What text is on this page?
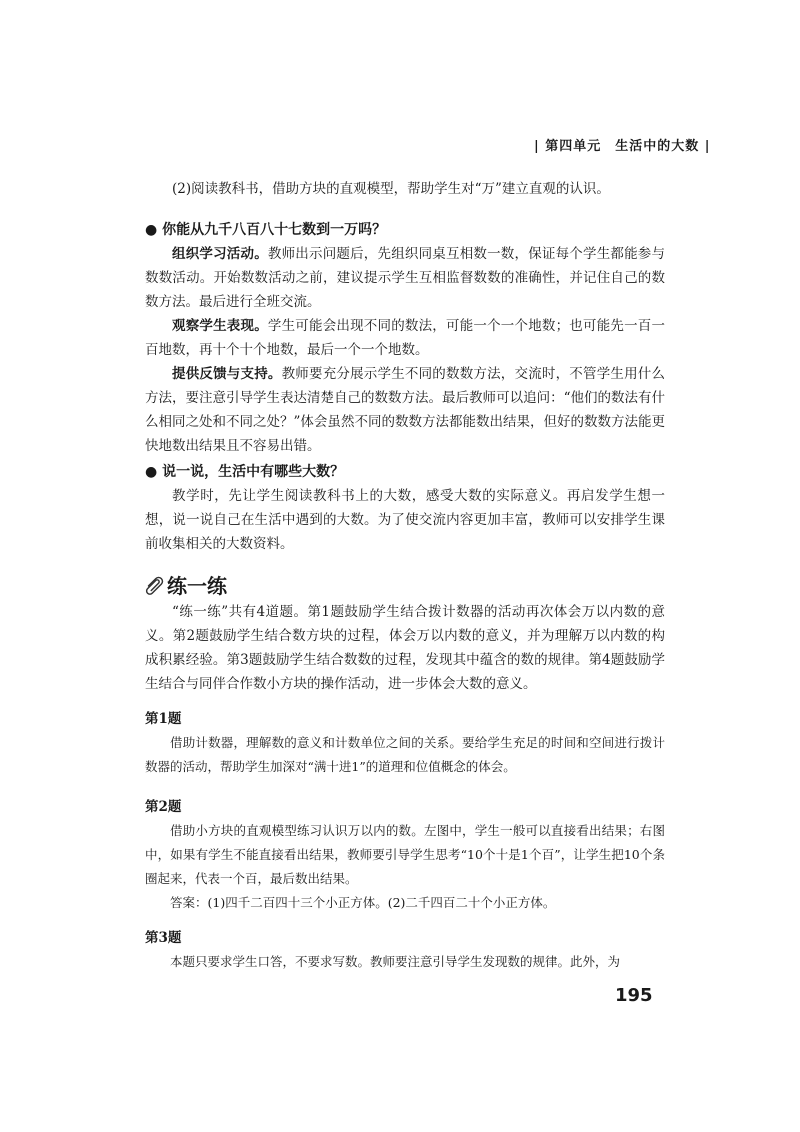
| 第四单元　生活中的大数 |

(2)阅读教科书，借助方块的直观模型，帮助学生对“万”建立直观的认识。

● 你能从九千八百八十七数到一万吗？

组织学习活动。教师出示问题后，先组织同桌互相数一数，保证每个学生都能参与数数活动。开始数数活动之前，建议提示学生互相监督数数的准确性，并记住自己的数数方法。最后进行全班交流。

观察学生表现。学生可能会出现不同的数法，可能一个一个地数；也可能先一百一百地数，再十个十个地数，最后一个一个地数。

提供反馈与支持。教师要充分展示学生不同的数数方法，交流时，不管学生用什么方法，要注意引导学生表达清楚自己的数数方法。最后教师可以追问：“他们的数法有什么相同之处和不同之处？”体会虽然不同的数数方法都能数出结果，但好的数数方法能更快地数出结果且不容易出错。

● 说一说，生活中有哪些大数？

教学时，先让学生阅读教科书上的大数，感受大数的实际意义。再启发学生想一想，说一说自己在生活中遇到的大数。为了使交流内容更加丰富，教师可以安排学生课前收集相关的大数资料。

练一练

“练一练”共有4道题。第1题鼓励学生结合拨计数器的活动再次体会万以内数的意义。第2题鼓励学生结合数方块的过程，体会万以内数的意义，并为理解万以内数的构成积累经验。第3题鼓励学生结合数数的过程，发现其中蕴含的数的规律。第4题鼓励学生结合与同伴合作数小方块的操作活动，进一步体会大数的意义。

第1题

借助计数器，理解数的意义和计数单位之间的关系。要给学生充足的时间和空间进行拨计数器的活动，帮助学生加深对“满十进1”的道理和位值概念的体会。

第2题

借助小方块的直观模型练习认识万以内的数。左图中，学生一般可以直接看出结果；右图中，如果有学生不能直接看出结果，教师要引导学生思考“10个十是1个百”，让学生把10个条圈起来，代表一个百，最后数出结果。

答案：(1)四千二百四十三个小正方体。(2)二千四百二十个小正方体。

第3题

本题只要求学生口答，不要求写数。教师要注意引导学生发现数的规律。此外，为

195
